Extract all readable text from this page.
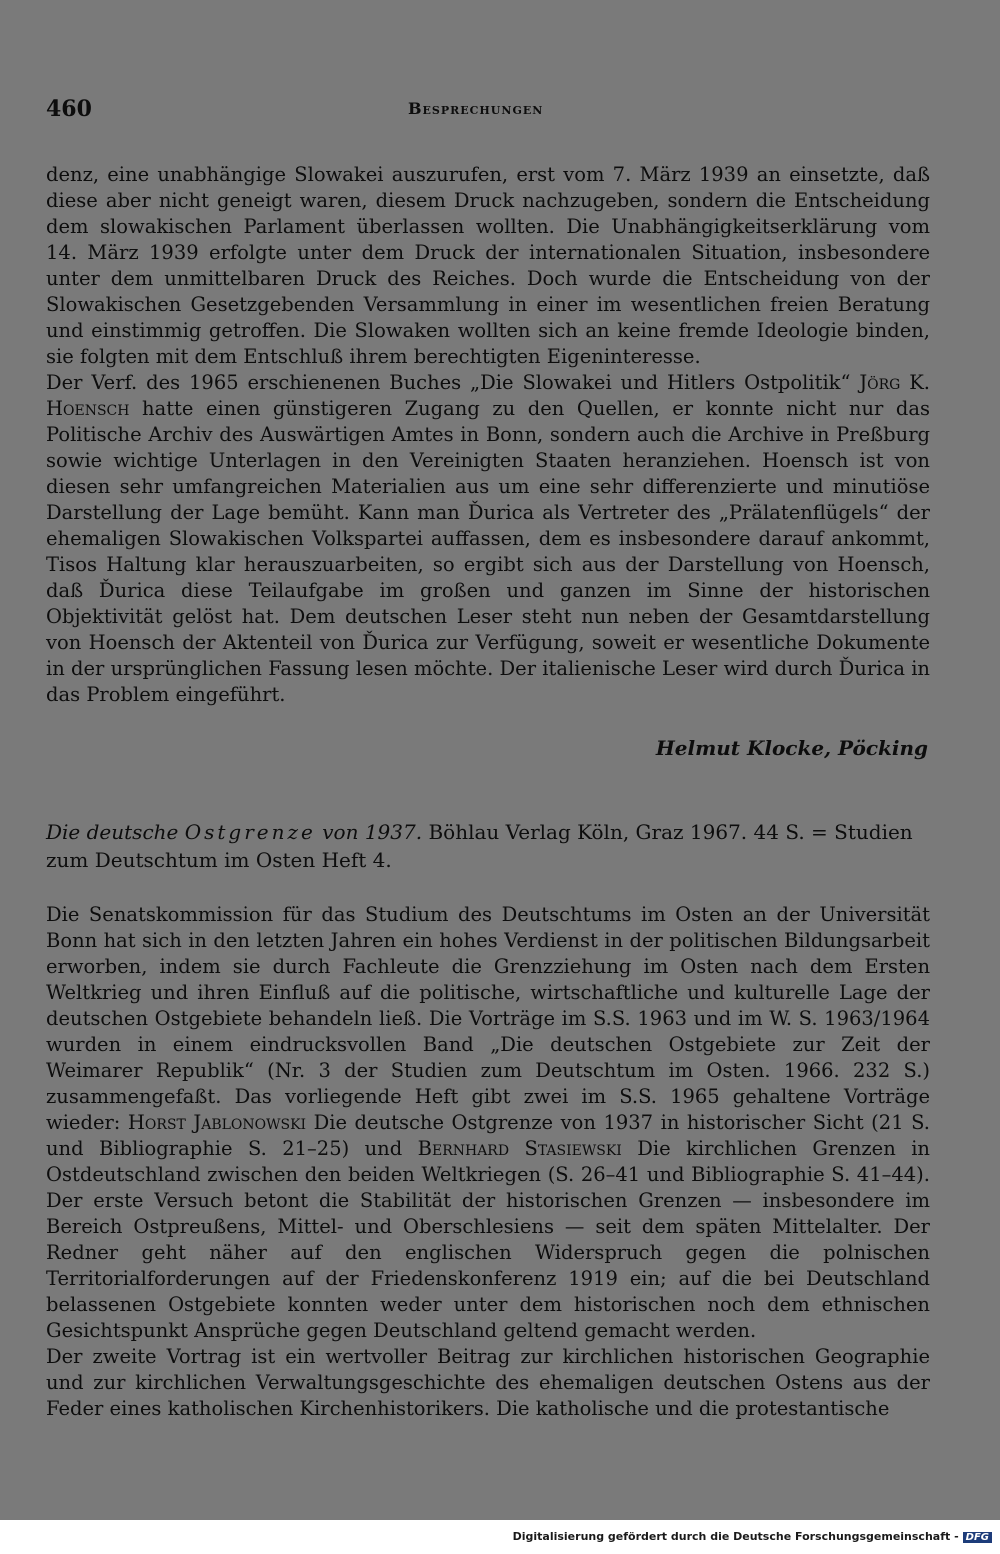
460	Besprechungen

denz, eine unabhängige Slowakei auszurufen, erst vom 7. März 1939 an einsetzte, daß diese aber nicht geneigt waren, diesem Druck nachzugeben, sondern die Entscheidung dem slowakischen Parlament überlassen wollten. Die Unabhängigkeitserklärung vom 14. März 1939 erfolgte unter dem Druck der internationalen Situation, insbesondere unter dem unmittelbaren Druck des Reiches. Doch wurde die Entscheidung von der Slowakischen Gesetzgebenden Versammlung in einer im wesentlichen freien Beratung und einstimmig getroffen. Die Slowaken wollten sich an keine fremde Ideologie binden, sie folgten mit dem Entschluß ihrem berechtigten Eigeninteresse.

Der Verf. des 1965 erschienenen Buches „Die Slowakei und Hitlers Ostpolitik“ Jörg K. Hoensch hatte einen günstigeren Zugang zu den Quellen, er konnte nicht nur das Politische Archiv des Auswärtigen Amtes in Bonn, sondern auch die Archive in Preßburg sowie wichtige Unterlagen in den Vereinigten Staaten heranziehen. Hoensch ist von diesen sehr umfangreichen Materialien aus um eine sehr differenzierte und minutiöse Darstellung der Lage bemüht. Kann man Ďurica als Vertreter des „Prälatenflügels“ der ehemaligen Slowakischen Volkspartei auffassen, dem es insbesondere darauf ankommt, Tisos Haltung klar herauszuarbeiten, so ergibt sich aus der Darstellung von Hoensch, daß Ďurica diese Teilaufgabe im großen und ganzen im Sinne der historischen Objektivität gelöst hat. Dem deutschen Leser steht nun neben der Gesamtdarstellung von Hoensch der Aktenteil von Ďurica zur Verfügung, soweit er wesentliche Dokumente in der ursprünglichen Fassung lesen möchte. Der italienische Leser wird durch Ďurica in das Problem eingeführt.

Helmut Klocke, Pöcking
Die deutsche Ostgrenze von 1937. Böhlau Verlag Köln, Graz 1967. 44 S. = Studien zum Deutschtum im Osten Heft 4.

Die Senatskommission für das Studium des Deutschtums im Osten an der Universität Bonn hat sich in den letzten Jahren ein hohes Verdienst in der politischen Bildungsarbeit erworben, indem sie durch Fachleute die Grenzziehung im Osten nach dem Ersten Weltkrieg und ihren Einfluß auf die politische, wirtschaftliche und kulturelle Lage der deutschen Ostgebiete behandeln ließ. Die Vorträge im S.S. 1963 und im W. S. 1963/1964 wurden in einem eindrucksvollen Band „Die deutschen Ostgebiete zur Zeit der Weimarer Republik“ (Nr. 3 der Studien zum Deutschtum im Osten. 1966. 232 S.) zusammengefaßt. Das vorliegende Heft gibt zwei im S.S. 1965 gehaltene Vorträge wieder: Horst Jablonowski Die deutsche Ostgrenze von 1937 in historischer Sicht (21 S. und Bibliographie S. 21–25) und Bernhard Stasiewski Die kirchlichen Grenzen in Ostdeutschland zwischen den beiden Weltkriegen (S. 26–41 und Bibliographie S. 41–44). Der erste Versuch betont die Stabilität der historischen Grenzen — insbesondere im Bereich Ostpreußens, Mittel- und Oberschlesiens — seit dem späten Mittelalter. Der Redner geht näher auf den englischen Widerspruch gegen die polnischen Territorialforderungen auf der Friedenskonferenz 1919 ein; auf die bei Deutschland belassenen Ostgebiete konnten weder unter dem historischen noch dem ethnischen Gesichtspunkt Ansprüche gegen Deutschland geltend gemacht werden.

Der zweite Vortrag ist ein wertvoller Beitrag zur kirchlichen historischen Geographie und zur kirchlichen Verwaltungsgeschichte des ehemaligen deutschen Ostens aus der Feder eines katholischen Kirchenhistorikers. Die katholische und die protestantische

Digitalisierung gefördert durch die Deutsche Forschungsgemeinschaft - DFG
